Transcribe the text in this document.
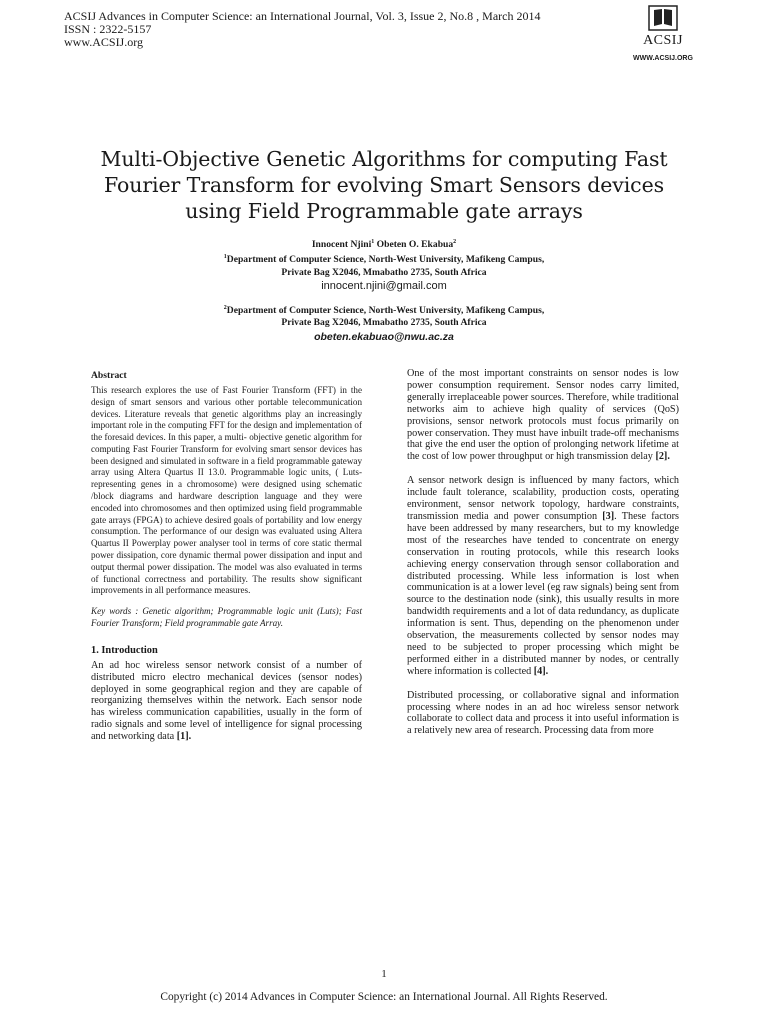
ACSIJ Advances in Computer Science: an International Journal, Vol. 3, Issue 2, No.8 , March 2014
ISSN : 2322-5157
www.ACSIJ.org	ACSIJ
WWW.ACSIJ.ORG
Multi-Objective Genetic Algorithms for computing Fast
Fourier Transform for evolving Smart Sensors devices
using Field Programmable gate arrays
Innocent Njini$^1$ Obeten O. Ekabua$^2$
$^1$Department of Computer Science, North-West University, Mafikeng Campus,
Private Bag X2046, Mmabatho 2735, South Africa
innocent.njini@gmail.com
$^2$Department of Computer Science, North-West University, Mafikeng Campus,
Private Bag X2046, Mmabatho 2735, South Africa
obeten.ekabuao@nwu.ac.za

Abstract

This research explores the use of Fast Fourier Transform (FFT) in the design of smart sensors and various other portable telecommunication devices. Literature reveals that genetic algorithms play an increasingly important role in the computing FFT for the design and implementation of the foresaid devices. In this paper, a multi- objective genetic algorithm for computing Fast Fourier Transform for evolving smart sensor devices has been designed and simulated in software in a field programmable gateway array using Altera Quartus II 13.0. Programmable logic units, ( Luts-representing genes in a chromosome) were designed using schematic /block diagrams and hardware description language and they were encoded into chromosomes and then optimized using field programmable gate arrays (FPGA) to achieve desired goals of portability and low energy consumption. The performance of our design was evaluated using Altera Quartus II Powerplay power analyser tool in terms of core static thermal power dissipation, core dynamic thermal power dissipation and input and output thermal power dissipation. The model was also evaluated in terms of functional correctness and portability. The results show significant improvements in all performance measures.

Key words : Genetic algorithm; Programmable logic unit (Luts); Fast Fourier Transform; Field programmable gate Array.

1. Introduction

An ad hoc wireless sensor network consist of a number of distributed micro electro mechanical devices (sensor nodes) deployed in some geographical region and they are capable of reorganizing themselves within the network. Each sensor node has wireless communication capabilities, usually in the form of radio signals and some level of intelligence for signal processing and networking data [1].

One of the most important constraints on sensor nodes is low power consumption requirement. Sensor nodes carry limited, generally irreplaceable power sources. Therefore, while traditional networks aim to achieve high quality of services (QoS) provisions, sensor network protocols must focus primarily on power conservation. They must have inbuilt trade-off mechanisms that give the end user the option of prolonging network lifetime at the cost of low power throughput or high transmission delay [2].

A sensor network design is influenced by many factors, which include fault tolerance, scalability, production costs, operating environment, sensor network topology, hardware constraints, transmission media and power consumption [3]. These factors have been addressed by many researchers, but to my knowledge most of the researches have tended to concentrate on energy conservation in routing protocols, while this research looks achieving energy conservation through sensor collaboration and distributed processing. While less information is lost when communication is at a lower level (eg raw signals) being sent from source to the destination node (sink), this usually results in more bandwidth requirements and a lot of data redundancy, as duplicate information is sent. Thus, depending on the phenomenon under observation, the measurements collected by sensor nodes may need to be subjected to proper processing which might be performed either in a distributed manner by nodes, or centrally where information is collected [4].

Distributed processing, or collaborative signal and information processing where nodes in an ad hoc wireless sensor network collaborate to collect data and process it into useful information is a relatively new area of research. Processing data from more

1
Copyright (c) 2014 Advances in Computer Science: an International Journal. All Rights Reserved.
